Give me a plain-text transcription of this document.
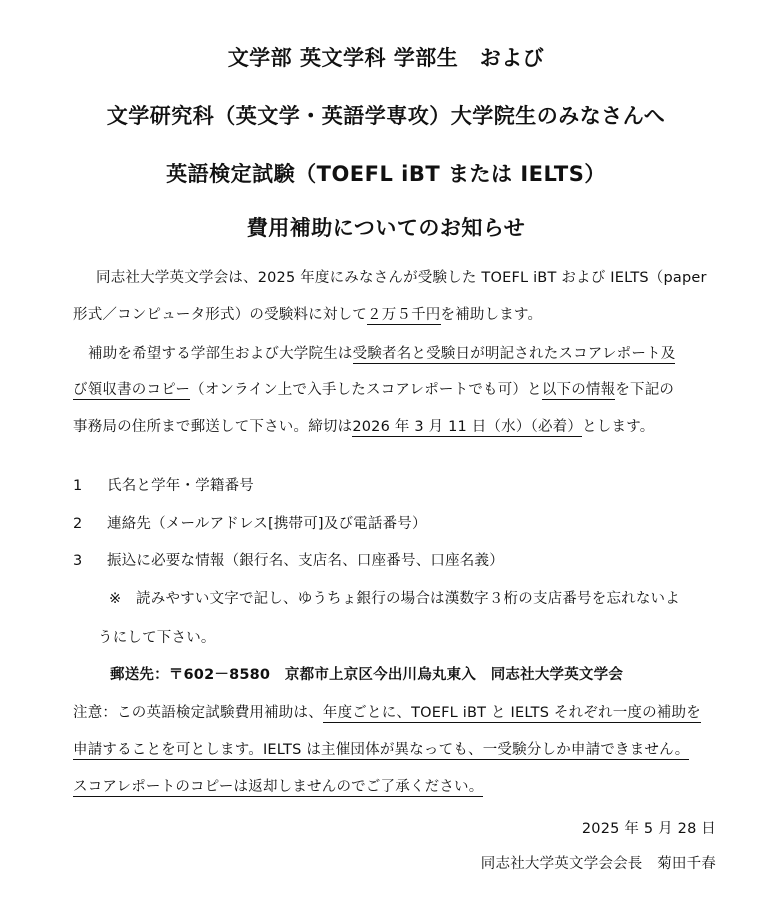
文学部 英文学科 学部生　および
文学研究科（英文学・英語学専攻）大学院生のみなさんへ
英語検定試験（TOEFL iBT または IELTS）
費用補助についてのお知らせ
同志社大学英文学会は、2025 年度にみなさんが受験した TOEFL iBT および IELTS（paper
形式／コンピュータ形式）の受験料に対して２万５千円を補助します。
補助を希望する学部生および大学院生は受験者名と受験日が明記されたスコアレポート及
び領収書のコピー（オンライン上で入手したスコアレポートでも可）と以下の情報を下記の
事務局の住所まで郵送して下さい。締切は2026 年 3 月 11 日（水）（必着）とします。
1 氏名と学年・学籍番号
2 連絡先（メールアドレス[携帯可]及び電話番号）
3 振込に必要な情報（銀行名、支店名、口座番号、口座名義）
※　読みやすい文字で記し、ゆうちょ銀行の場合は漢数字３桁の支店番号を忘れないよ
うにして下さい。
郵送先：〒602－8580　京都市上京区今出川烏丸東入　同志社大学英文学会
注意：この英語検定試験費用補助は、年度ごとに、TOEFL iBT と IELTS それぞれ一度の補助を
申請することを可とします。IELTS は主催団体が異なっても、一受験分しか申請できません。
スコアレポートのコピーは返却しませんのでご了承ください。
2025 年 5 月 28 日
同志社大学英文学会会長　菊田千春
